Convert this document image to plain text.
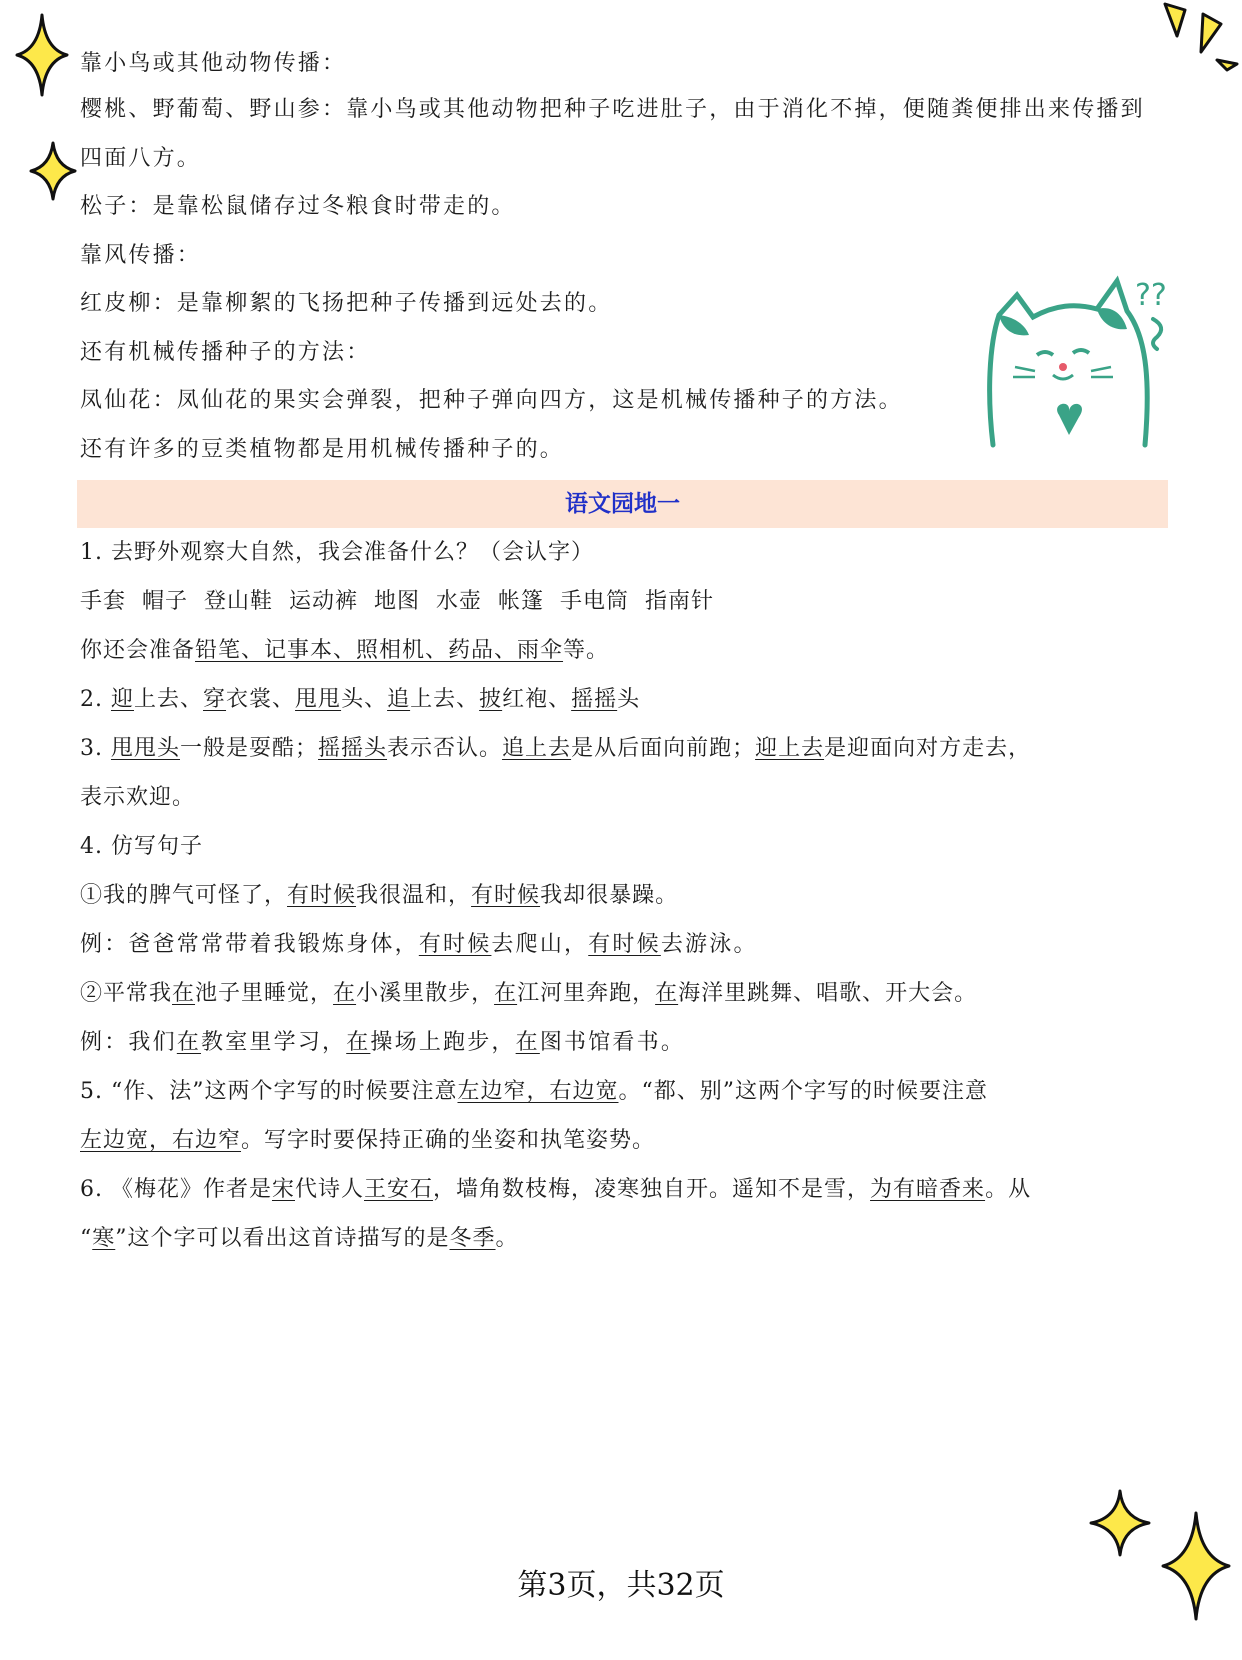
??
靠小鸟或其他动物传播：
樱桃、野葡萄、野山参：靠小鸟或其他动物把种子吃进肚子，由于消化不掉，便随粪便排出来传播到
四面八方。
松子：是靠松鼠储存过冬粮食时带走的。
靠风传播：
红皮柳：是靠柳絮的飞扬把种子传播到远处去的。
还有机械传播种子的方法：
凤仙花：凤仙花的果实会弹裂，把种子弹向四方，这是机械传播种子的方法。
还有许多的豆类植物都是用机械传播种子的。
语文园地一
1. 去野外观察大自然，我会准备什么？（会认字）
手套 帽子 登山鞋 运动裤 地图 水壶 帐篷 手电筒 指南针
你还会准备铅笔、记事本、照相机、药品、雨伞等。
2. 迎上去、穿衣裳、甩甩头、追上去、披红袍、摇摇头
3. 甩甩头一般是耍酷；摇摇头表示否认。追上去是从后面向前跑；迎上去是迎面向对方走去，
表示欢迎。
4. 仿写句子
①我的脾气可怪了，有时候我很温和，有时候我却很暴躁。
例：爸爸常常带着我锻炼身体，有时候去爬山，有时候去游泳。
②平常我在池子里睡觉，在小溪里散步，在江河里奔跑，在海洋里跳舞、唱歌、开大会。
例：我们在教室里学习，在操场上跑步，在图书馆看书。
5. “作、法”这两个字写的时候要注意左边窄，右边宽。“都、别”这两个字写的时候要注意
左边宽，右边窄。写字时要保持正确的坐姿和执笔姿势。
6. 《梅花》作者是宋代诗人王安石，墙角数枝梅，凌寒独自开。遥知不是雪，为有暗香来。从
“寒”这个字可以看出这首诗描写的是冬季。
第3页，共32页
